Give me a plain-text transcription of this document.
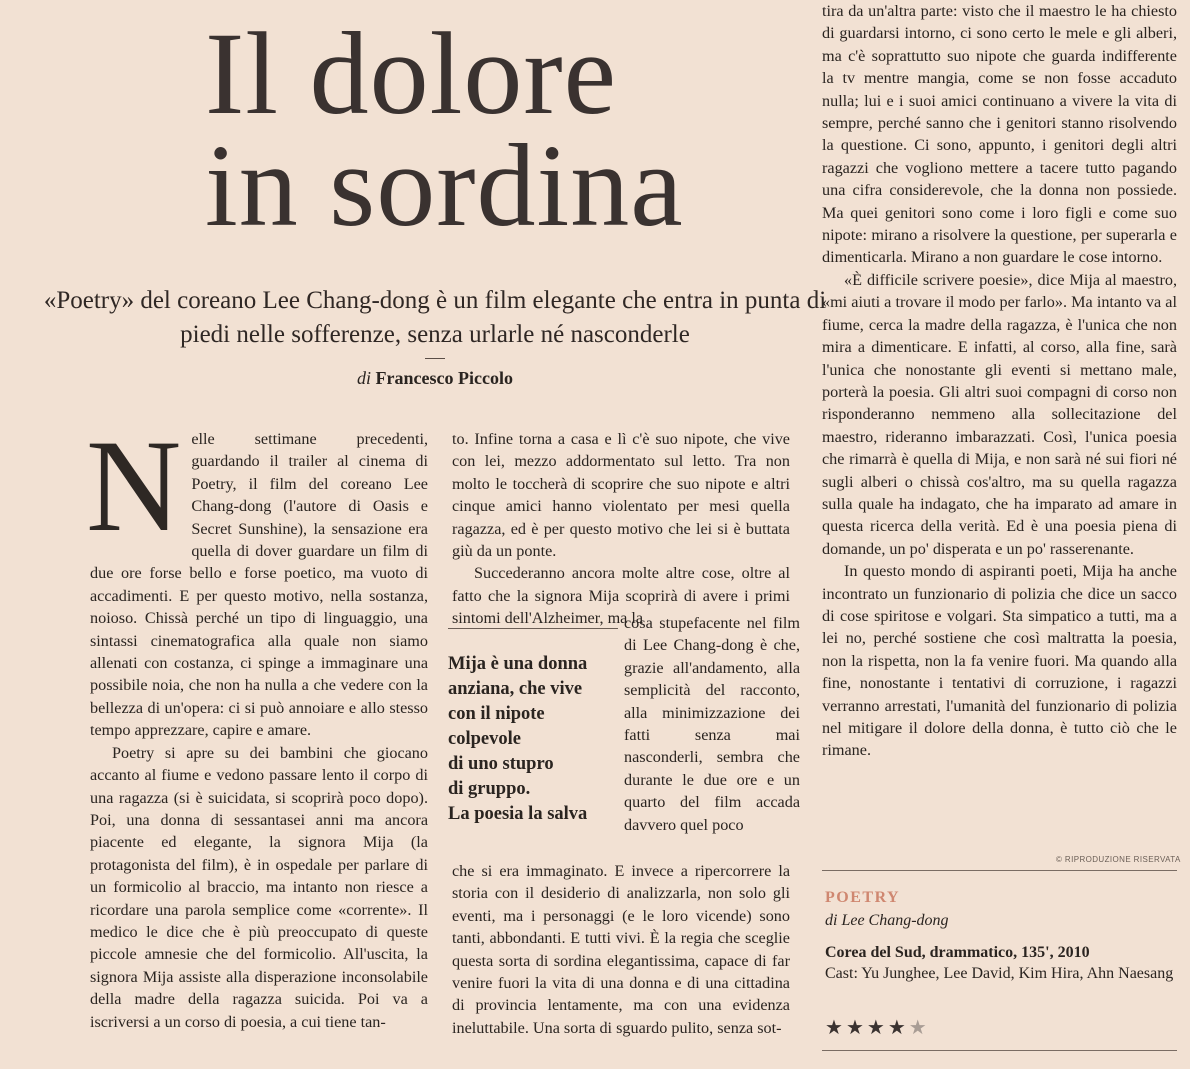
Il dolore
in sordina

«Poetry» del coreano Lee Chang-dong è un film elegante che entra in punta di piedi nelle sofferenze, senza urlarle né nasconderle

di Francesco Piccolo

Nelle settimane precedenti, guardando il trailer al cinema di Poetry, il film del coreano Lee Chang-dong (l'autore di Oasis e Secret Sunshine), la sensazione era quella di dover guardare un film di due ore forse bello e forse poetico, ma vuoto di accadimenti. E per questo motivo, nella sostanza, noioso. Chissà perché un tipo di linguaggio, una sintassi cinematografica alla quale non siamo allenati con costanza, ci spinge a immaginare una possibile noia, che non ha nulla a che vedere con la bellezza di un'opera: ci si può annoiare e allo stesso tempo apprezzare, capire e amare.

Poetry si apre su dei bambini che giocano accanto al fiume e vedono passare lento il corpo di una ragazza (si è suicidata, si scoprirà poco dopo). Poi, una donna di sessantasei anni ma ancora piacente ed elegante, la signora Mija (la protagonista del film), è in ospedale per parlare di un formicolio al braccio, ma intanto non riesce a ricordare una parola semplice come «corrente». Il medico le dice che è più preoccupato di queste piccole amnesie che del formicolio. All'uscita, la signora Mija assiste alla disperazione inconsolabile della madre della ragazza suicida. Poi va a iscriversi a un corso di poesia, a cui tiene tan-

to. Infine torna a casa e lì c'è suo nipote, che vive con lei, mezzo addormentato sul letto. Tra non molto le toccherà di scoprire che suo nipote e altri cinque amici hanno violentato per mesi quella ragazza, ed è per questo motivo che lei si è buttata giù da un ponte.

Succederanno ancora molte altre cose, oltre al fatto che la signora Mija scoprirà di avere i primi sintomi dell'Alzheimer, ma la

cosa stupefacente nel film di Lee Chang-dong è che, grazie all'andamento, alla semplicità del racconto, alla minimizzazione dei fatti senza mai nasconderli, sembra che durante le due ore e un quarto del film accada davvero quel poco

che si era immaginato. E invece a ripercorrere la storia con il desiderio di analizzarla, non solo gli eventi, ma i personaggi (e le loro vicende) sono tanti, abbondanti. E tutti vivi. È la regia che sceglie questa sorta di sordina elegantissima, capace di far venire fuori la vita di una donna e di una cittadina di provincia lentamente, ma con una evidenza ineluttabile. Una sorta di sguardo pulito, senza sot-

Mija è una donna
anziana, che vive
con il nipote
colpevole
di uno stupro
di gruppo.
La poesia la salva

tira da un'altra parte: visto che il maestro le ha chiesto di guardarsi intorno, ci sono certo le mele e gli alberi, ma c'è soprattutto suo nipote che guarda indifferente la tv mentre mangia, come se non fosse accaduto nulla; lui e i suoi amici continuano a vivere la vita di sempre, perché sanno che i genitori stanno risolvendo la questione. Ci sono, appunto, i genitori degli altri ragazzi che vogliono mettere a tacere tutto pagando una cifra considerevole, che la donna non possiede. Ma quei genitori sono come i loro figli e come suo nipote: mirano a risolvere la questione, per superarla e dimenticarla. Mirano a non guardare le cose intorno.

«È difficile scrivere poesie», dice Mija al maestro, «mi aiuti a trovare il modo per farlo». Ma intanto va al fiume, cerca la madre della ragazza, è l'unica che non mira a dimenticare. E infatti, al corso, alla fine, sarà l'unica che nonostante gli eventi si mettano male, porterà la poesia. Gli altri suoi compagni di corso non risponderanno nemmeno alla sollecitazione del maestro, rideranno imbarazzati. Così, l'unica poesia che rimarrà è quella di Mija, e non sarà né sui fiori né sugli alberi o chissà cos'altro, ma su quella ragazza sulla quale ha indagato, che ha imparato ad amare in questa ricerca della verità. Ed è una poesia piena di domande, un po' disperata e un po' rasserenante.

In questo mondo di aspiranti poeti, Mija ha anche incontrato un funzionario di polizia che dice un sacco di cose spiritose e volgari. Sta simpatico a tutti, ma a lei no, perché sostiene che così maltratta la poesia, non la rispetta, non la fa venire fuori. Ma quando alla fine, nonostante i tentativi di corruzione, i ragazzi verranno arrestati, l'umanità del funzionario di polizia nel mitigare il dolore della donna, è tutto ciò che le rimane.

© RIPRODUZIONE RISERVATA
POETRY
di Lee Chang-dong
Corea del Sud, drammatico, 135', 2010
Cast: Yu Junghee, Lee David, Kim Hira, Ahn Naesang
★★★★★
